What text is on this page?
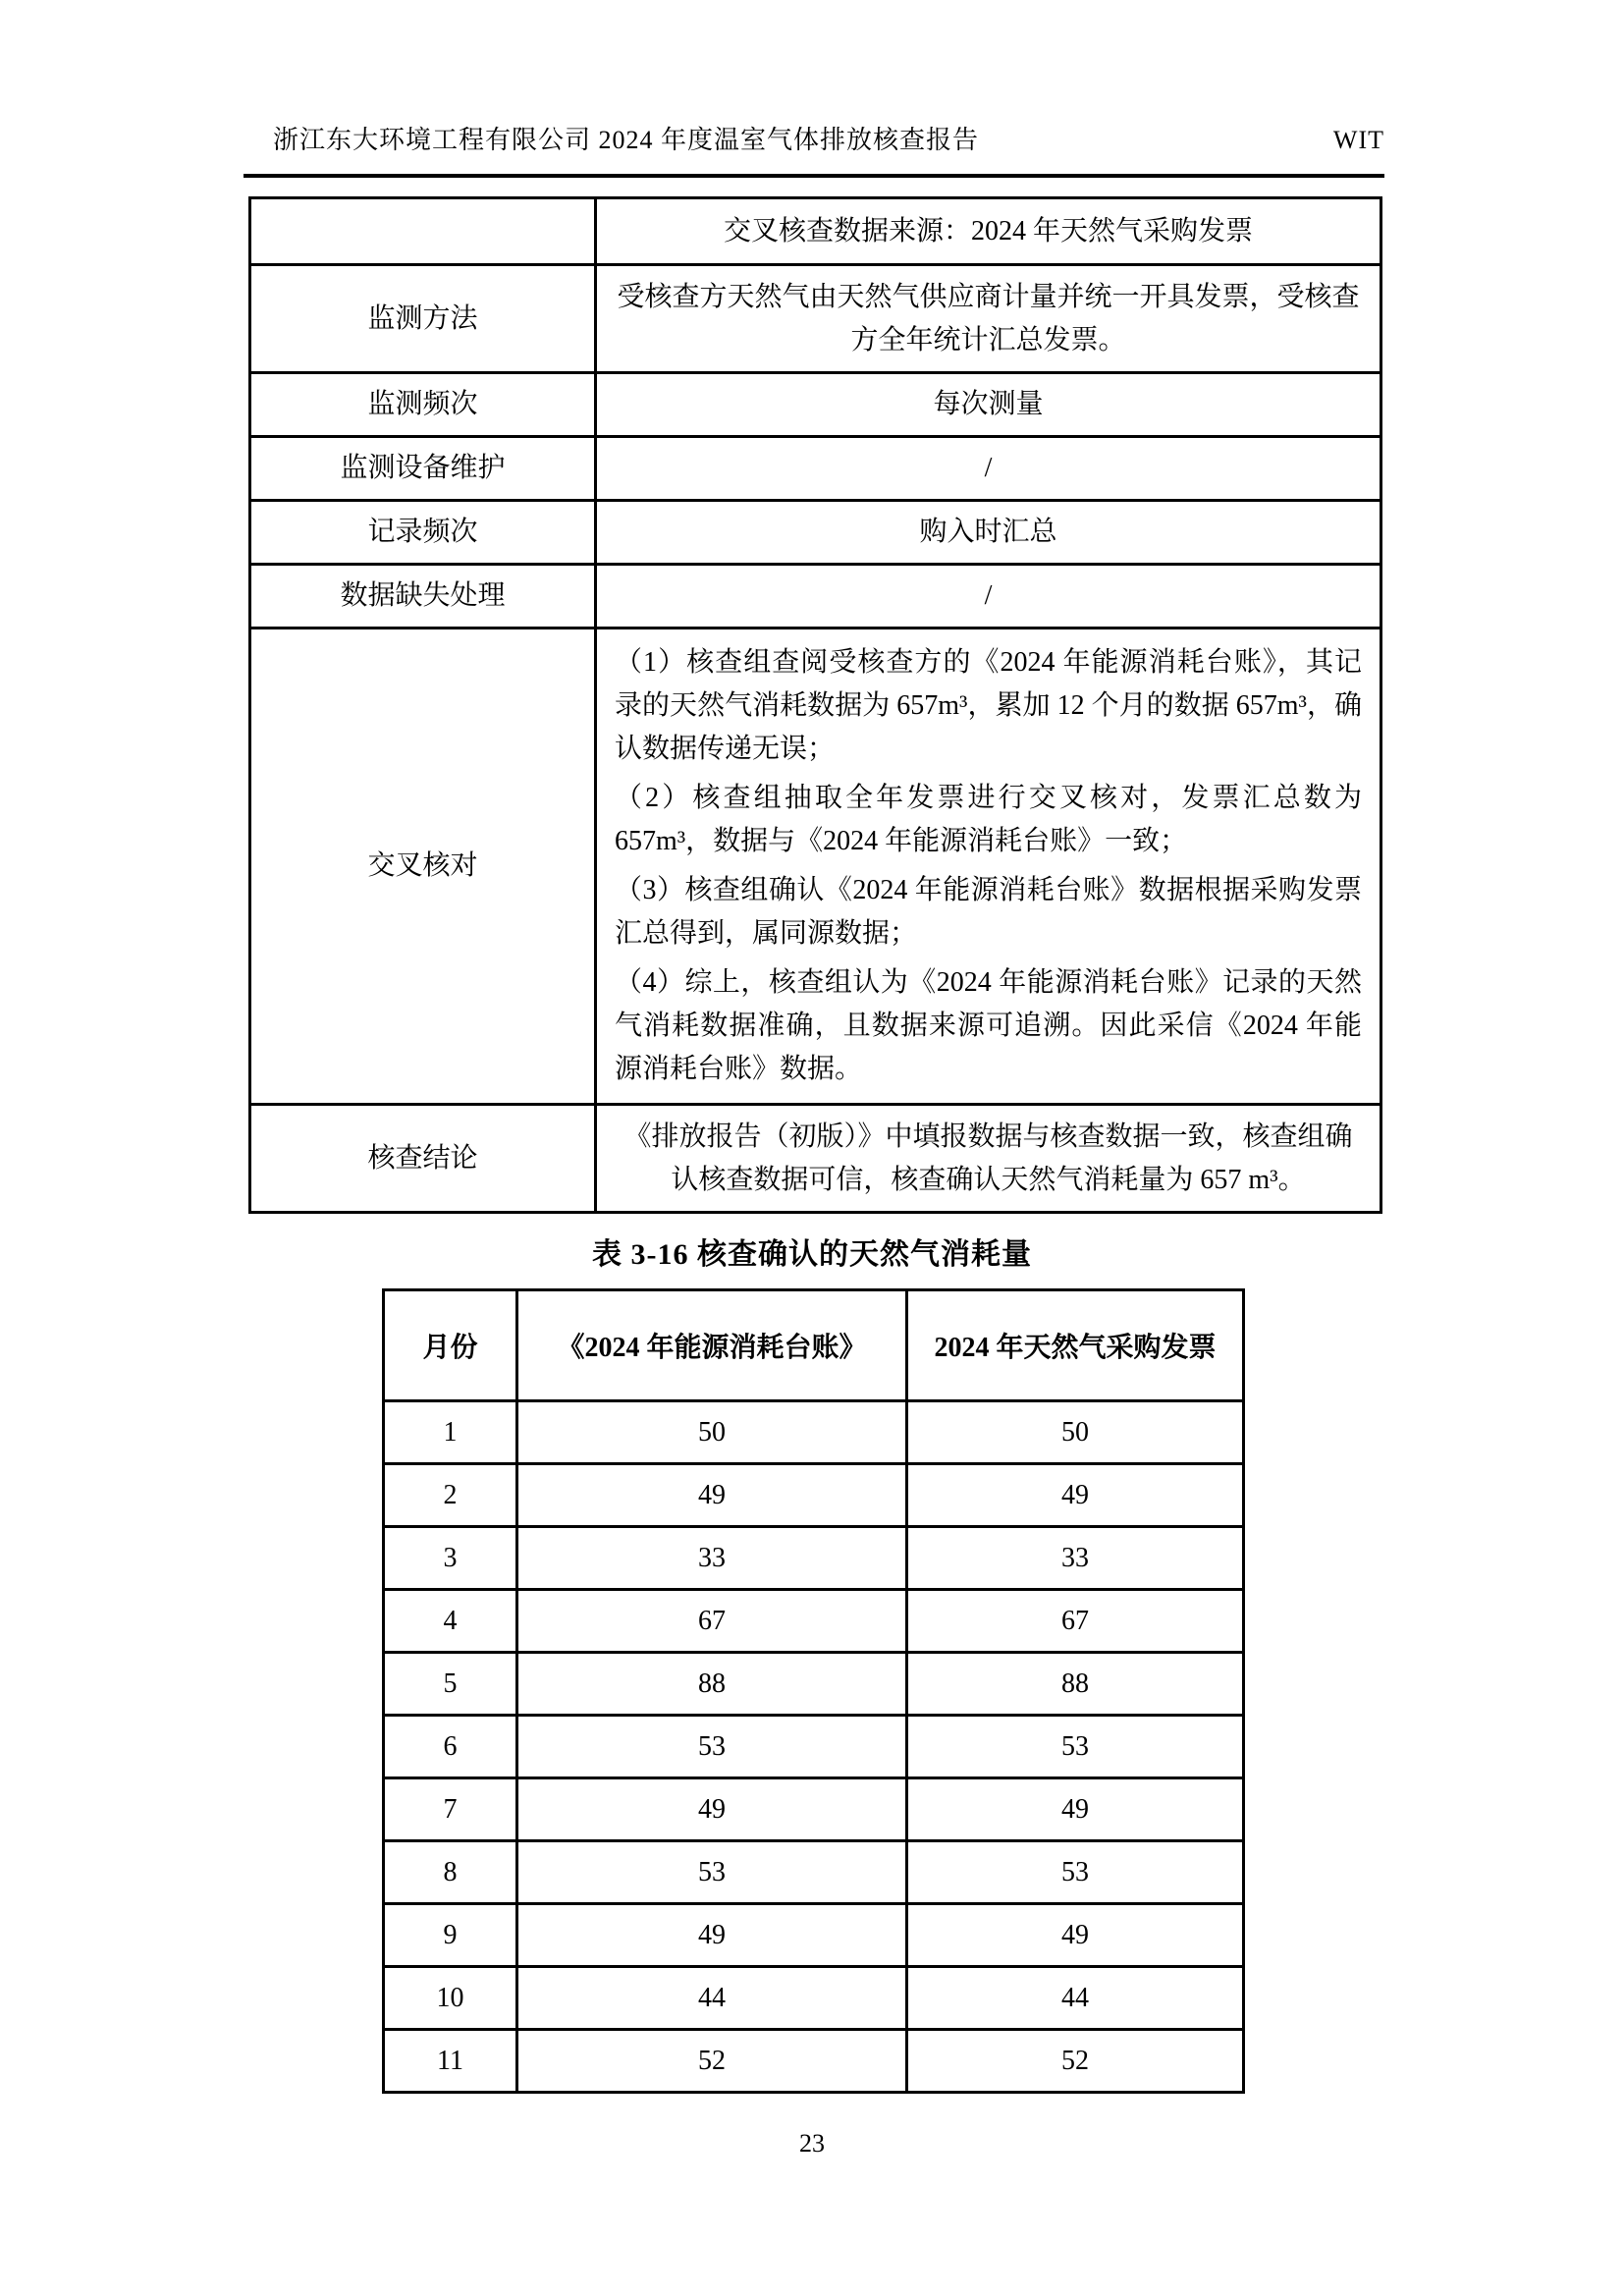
浙江东大环境工程有限公司 2024 年度温室气体排放核查报告	WIT
	交叉核查数据来源：2024 年天然气采购发票
监测方法	受核查方天然气由天然气供应商计量并统一开具发票，受核查方全年统计汇总发票。
监测频次	每次测量
监测设备维护	/
记录频次	购入时汇总
数据缺失处理	/
交叉核对	（1）核查组查阅受核查方的《2024 年能源消耗台账》，其记录的天然气消耗数据为 657m³，累加 12 个月的数据 657m³，确认数据传递无误；

（2）核查组抽取全年发票进行交叉核对，发票汇总数为 657m³，数据与《2024 年能源消耗台账》一致；

（3）核查组确认《2024 年能源消耗台账》数据根据采购发票汇总得到，属同源数据；

（4）综上，核查组认为《2024 年能源消耗台账》记录的天然气消耗数据准确，且数据来源可追溯。因此采信《2024 年能源消耗台账》数据。

核查结论	《排放报告（初版）》中填报数据与核查数据一致，核查组确认核查数据可信，核查确认天然气消耗量为 657 m³。
表 3-16 核查确认的天然气消耗量
月份	《2024 年能源消耗台账》	2024 年天然气采购发票
1	50	50
2	49	49
3	33	33
4	67	67
5	88	88
6	53	53
7	49	49
8	53	53
9	49	49
10	44	44
11	52	52
23
